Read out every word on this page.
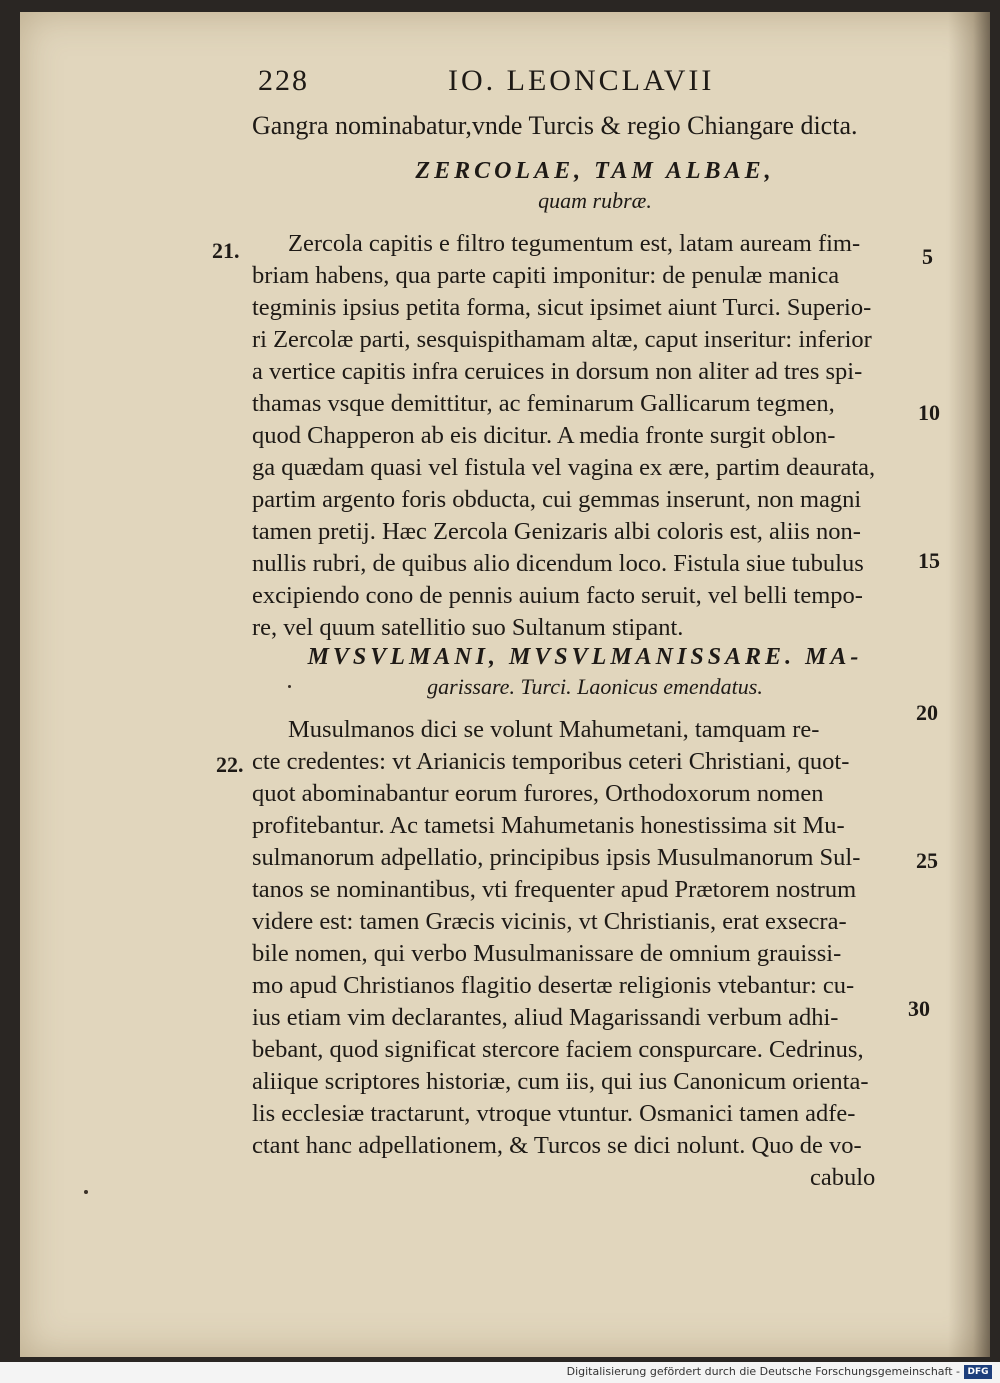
228	IO. LEONCLAVII
Gangra nominabatur,vnde Turcis & regio Chiangare dicta.
ZERCOLAE, TAM ALBAE,
quam rubræ.
21. Zercola capitis e filtro tegumentum est, latam auream fim-
briam habens, qua parte capiti imponitur: de penulæ manica
tegminis ipsius petita forma, sicut ipsimet aiunt Turci. Superio-
ri Zercolæ parti, sesquispithamam altæ, caput inseritur: inferior
a vertice capitis infra ceruices in dorsum non aliter ad tres spi-
thamas vsque demittitur, ac feminarum Gallicarum tegmen,
quod Chapperon ab eis dicitur. A media fronte surgit oblon-
ga quædam quasi vel fistula vel vagina ex ære, partim deaurata,
partim argento foris obducta, cui gemmas inserunt, non magni
tamen pretij. Hæc Zercola Genizaris albi coloris est, aliis non-
nullis rubri, de quibus alio dicendum loco. Fistula siue tubulus
excipiendo cono de pennis auium facto seruit, vel belli tempo-
re, vel quum satellitio suo Sultanum stipant.
MVSVLMANI, MVSVLMANISSARE. MA-
garissare. Turci. Laonicus emendatus.
22.
Musulmanos dici se volunt Mahumetani, tamquam re-
cte credentes: vt Arianicis temporibus ceteri Christiani, quot-
quot abominabantur eorum furores, Orthodoxorum nomen
profitebantur. Ac tametsi Mahumetanis honestissima sit Mu-
sulmanorum adpellatio, principibus ipsis Musulmanorum Sul-
tanos se nominantibus, vti frequenter apud Prætorem nostrum
videre est: tamen Græcis vicinis, vt Christianis, erat exsecra-
bile nomen, qui verbo Musulmanissare de omnium grauissi-
mo apud Christianos flagitio desertæ religionis vtebantur: cu-
ius etiam vim declarantes, aliud Magarissandi verbum adhi-
bebant, quod significat stercore faciem conspurcare. Cedrinus,
aliique scriptores historiæ, cum iis, qui ius Canonicum orienta-
lis ecclesiæ tractarunt, vtroque vtuntur. Osmanici tamen adfe-
ctant hanc adpellationem, & Turcos se dici nolunt. Quo de vo-
cabulo
5
10
15
20
25
30
Digitalisierung gefördert durch die Deutsche Forschungsgemeinschaft - DFG
